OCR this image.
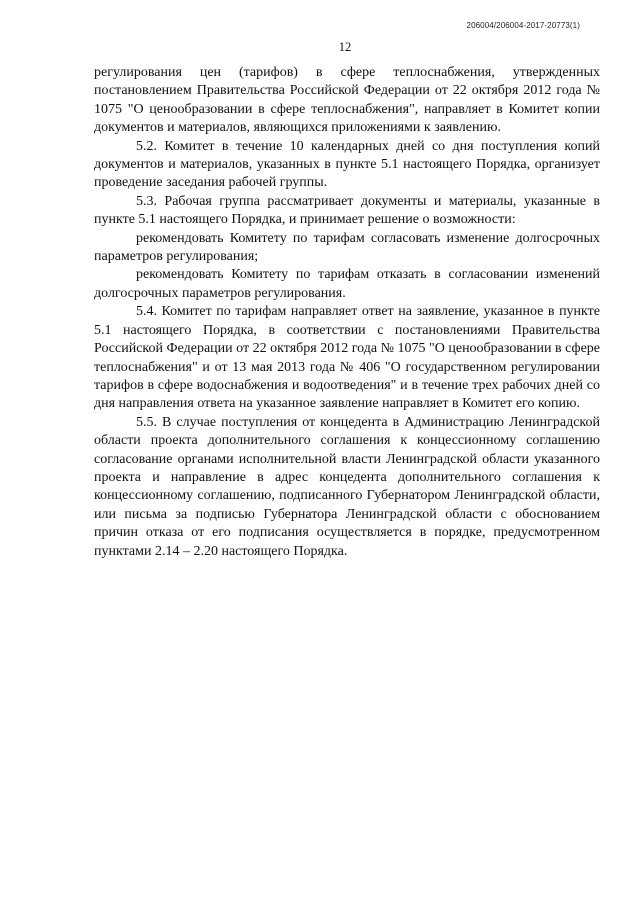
206004/206004-2017-20773(1)
12

регулирования цен (тарифов) в сфере теплоснабжения, утвержденных постановлением Правительства Российской Федерации от 22 октября 2012 года № 1075 "О ценообразовании в сфере теплоснабжения", направляет в Комитет копии документов и материалов, являющихся приложениями к заявлению.

5.2. Комитет в течение 10 календарных дней со дня поступления копий документов и материалов, указанных в пункте 5.1 настоящего Порядка, организует проведение заседания рабочей группы.

5.3. Рабочая группа рассматривает документы и материалы, указанные в пункте 5.1 настоящего Порядка, и принимает решение о возможности:

рекомендовать Комитету по тарифам согласовать изменение долгосрочных параметров регулирования;

рекомендовать Комитету по тарифам отказать в согласовании изменений долгосрочных параметров регулирования.

5.4. Комитет по тарифам направляет ответ на заявление, указанное в пункте 5.1 настоящего Порядка, в соответствии с постановлениями Правительства Российской Федерации от 22 октября 2012 года № 1075 "О ценообразовании в сфере теплоснабжения" и от 13 мая 2013 года № 406 "О государственном регулировании тарифов в сфере водоснабжения и водоотведения" и в течение трех рабочих дней со дня направления ответа на указанное заявление направляет в Комитет его копию.

5.5. В случае поступления от концедента в Администрацию Ленинградской области проекта дополнительного соглашения к концессионному соглашению согласование органами исполнительной власти Ленинградской области указанного проекта и направление в адрес концедента дополнительного соглашения к концессионному соглашению, подписанного Губернатором Ленинградской области, или письма за подписью Губернатора Ленинградской области с обоснованием причин отказа от его подписания осуществляется в порядке, предусмотренном пунктами 2.14 – 2.20 настоящего Порядка.
